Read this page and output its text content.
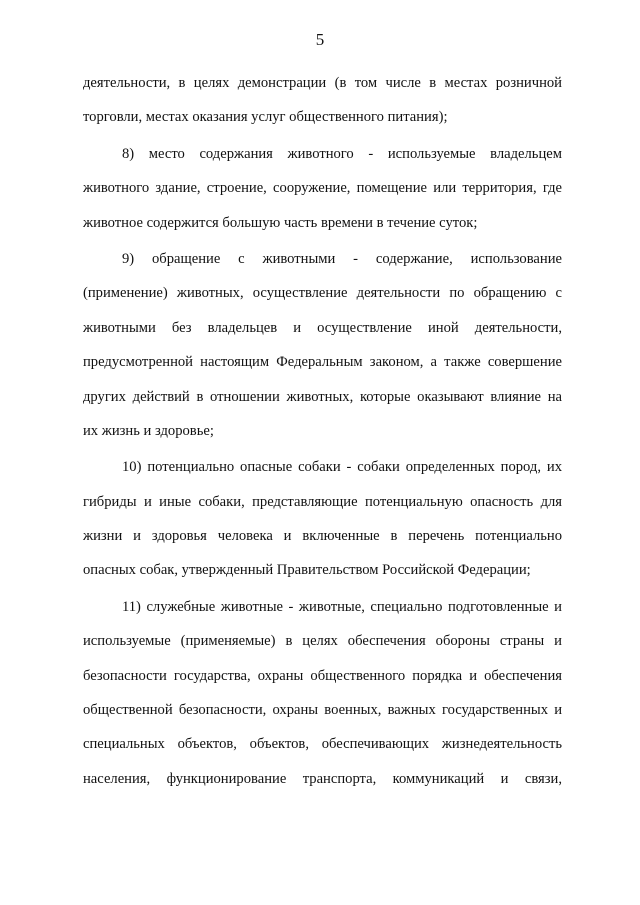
5

деятельности, в целях демонстрации (в том числе в местах розничной
торговли, местах оказания услуг общественного питания);

8) место содержания животного - используемые владельцем
животного здание, строение, сооружение, помещение или территория, где
животное содержится большую часть времени в течение суток;

9) обращение с животными - содержание, использование
(применение) животных, осуществление деятельности по обращению с
животными без владельцев и осуществление иной деятельности,
предусмотренной настоящим Федеральным законом, а также совершение
других действий в отношении животных, которые оказывают влияние на
их жизнь и здоровье;

10) потенциально опасные собаки - собаки определенных пород, их
гибриды и иные собаки, представляющие потенциальную опасность для
жизни и здоровья человека и включенные в перечень потенциально
опасных собак, утвержденный Правительством Российской Федерации;

11) служебные животные - животные, специально подготовленные и
используемые (применяемые) в целях обеспечения обороны страны и
безопасности государства, охраны общественного порядка и обеспечения
общественной безопасности, охраны военных, важных государственных и
специальных объектов, объектов, обеспечивающих жизнедеятельность
населения, функционирование транспорта, коммуникаций и связи,
